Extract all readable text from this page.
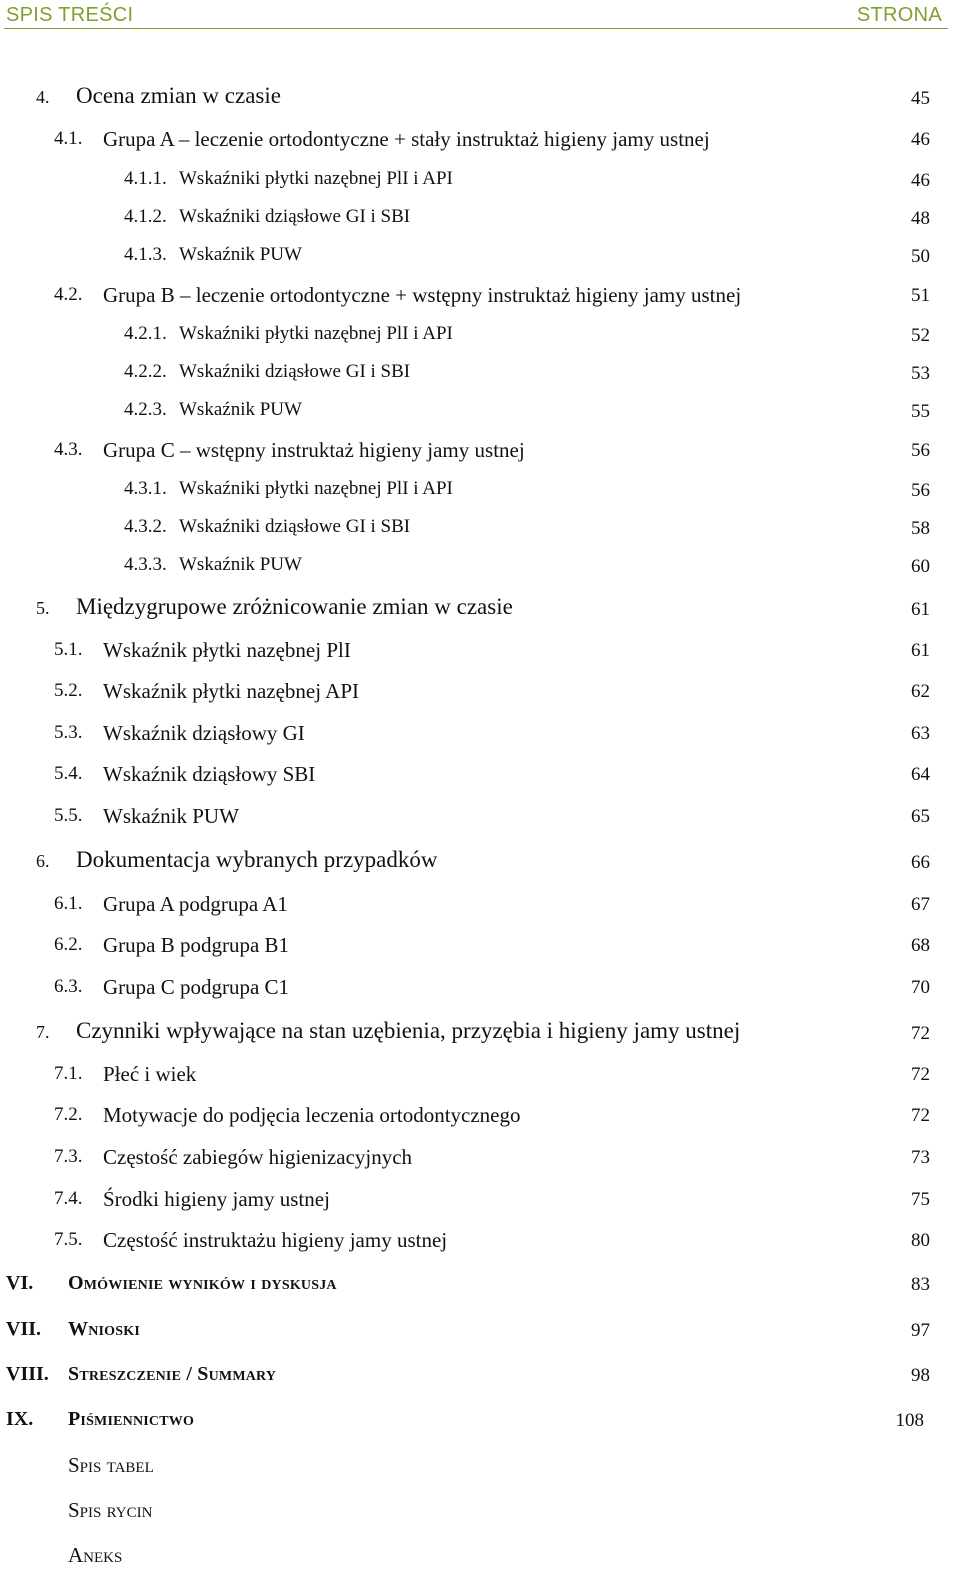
SPIS TREŚCI	STRONA
4. Ocena zmian w czasie	45
4.1. Grupa A – leczenie ortodontyczne + stały instruktaż higieny jamy ustnej	46
4.1.1. Wskaźniki płytki nazębnej PlI i API	46
4.1.2. Wskaźniki dziąsłowe GI i SBI	48
4.1.3. Wskaźnik PUW	50
4.2. Grupa B – leczenie ortodontyczne + wstępny instruktaż higieny jamy ustnej	51
4.2.1. Wskaźniki płytki nazębnej PlI i API	52
4.2.2. Wskaźniki dziąsłowe GI i SBI	53
4.2.3. Wskaźnik PUW	55
4.3. Grupa C – wstępny instruktaż higieny jamy ustnej	56
4.3.1. Wskaźniki płytki nazębnej PlI i API	56
4.3.2. Wskaźniki dziąsłowe GI i SBI	58
4.3.3. Wskaźnik PUW	60
5. Międzygrupowe zróżnicowanie zmian w czasie	61
5.1. Wskaźnik płytki nazębnej PlI	61
5.2. Wskaźnik płytki nazębnej API	62
5.3. Wskaźnik dziąsłowy GI	63
5.4. Wskaźnik dziąsłowy SBI	64
5.5. Wskaźnik PUW	65
6. Dokumentacja wybranych przypadków	66
6.1. Grupa A podgrupa A1	67
6.2. Grupa B podgrupa B1	68
6.3. Grupa C podgrupa C1	70
7. Czynniki wpływające na stan uzębienia, przyzębia i higieny jamy ustnej	72
7.1. Płeć i wiek	72
7.2. Motywacje do podjęcia leczenia ortodontycznego	72
7.3. Częstość zabiegów higienizacyjnych	73
7.4. Środki higieny jamy ustnej	75
7.5. Częstość instruktażu higieny jamy ustnej	80
VI. Omówienie wyników i dyskusja	83
VII. Wnioski	97
VIII. Streszczenie / Summary	98
IX. Piśmiennictwo	108
Spis tabel
Spis rycin
Aneks
